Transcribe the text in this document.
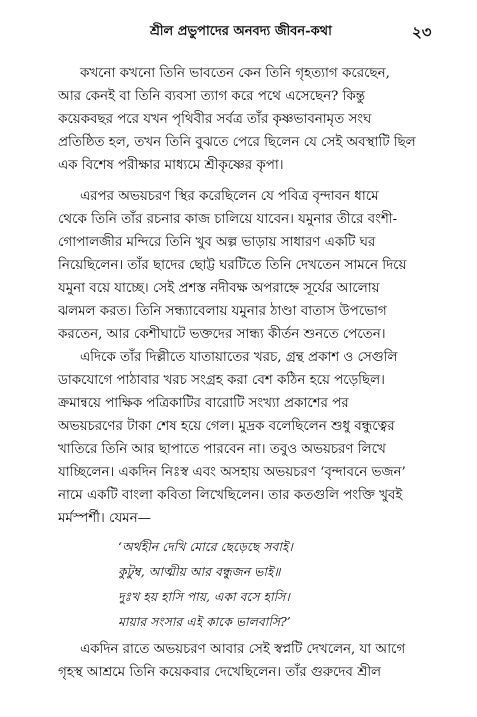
শ্রীল প্রভুপাদের অনবদ্য জীবন-কথা	২৩
কখনো কখনো তিনি ভাবতেন কেন তিনি গৃহত্যাগ করেছেন,
আর কেনই বা তিনি ব্যবসা ত্যাগ করে পথে এসেছেন? কিন্তু
কয়েকবছর পরে যখন পৃথিবীর সর্বত্র তাঁর কৃষ্ণভাবনামৃত সংঘ
প্রতিষ্ঠিত হল, তখন তিনি বুঝতে পেরে ছিলেন যে সেই অবস্থাটি ছিল
এক বিশেষ পরীক্ষার মাধ্যমে শ্রীকৃষ্ণের কৃপা।
এরপর অভয়চরণ স্থির করেছিলেন যে পবিত্র বৃন্দাবন ধামে
থেকে তিনি তাঁর রচনার কাজ চালিয়ে যাবেন। যমুনার তীরে বংশী-
গোপালজীর মন্দিরে তিনি খুব অল্প ভাড়ায় সাধারণ একটি ঘর
নিয়েছিলেন। তাঁর ছাদের ছোট্ট ঘরটিতে তিনি দেখতেন সামনে দিয়ে
যমুনা বয়ে যাচ্ছে। সেই প্রশস্ত নদীবক্ষ অপরাহ্নে সূর্যের আলোয়
ঝলমল করত। তিনি সন্ধ্যাবেলায় যমুনার ঠাণ্ডা বাতাস উপভোগ
করতেন, আর কেশীঘাটে ভক্তদের সান্ধ্য কীর্তন শুনতে পেতেন।
এদিকে তাঁর দিল্লীতে যাতায়াতের খরচ, গ্রন্থ প্রকাশ ও সেগুলি
ডাকযোগে পাঠাবার খরচ সংগ্রহ করা বেশ কঠিন হয়ে পড়েছিল।
ক্রমান্বয়ে পাক্ষিক পত্রিকাটির বারোটি সংখ্যা প্রকাশের পর
অভয়চরণের টাকা শেষ হয়ে গেল। মুদ্রক বলেছিলেন শুধু বন্ধুত্বের
খাতিরে তিনি আর ছাপাতে পারবেন না। তবুও অভয়চরণ লিখে
যাচ্ছিলেন। একদিন নিঃস্ব এবং অসহায় অভয়চরণ ‘বৃন্দাবনে ভজন’
নামে একটি বাংলা কবিতা লিখেছিলেন। তার কতগুলি পংক্তি খুবই
মর্মস্পর্শী। যেমন—
‘অর্থহীন দেখি মোরে ছেড়েছে সবাই।
কুটুম্ব, আত্মীয় আর বন্ধুজন ভাই॥
দুঃখ হয় হাসি পায়, একা বসে হাসি।
মায়ার সংসার এই কাকে ভালবাসি?’
একদিন রাতে অভয়চরণ আবার সেই স্বপ্নটি দেখলেন, যা আগে
গৃহস্থ আশ্রমে তিনি কয়েকবার দেখেছিলেন। তাঁর গুরুদেব শ্রীল
